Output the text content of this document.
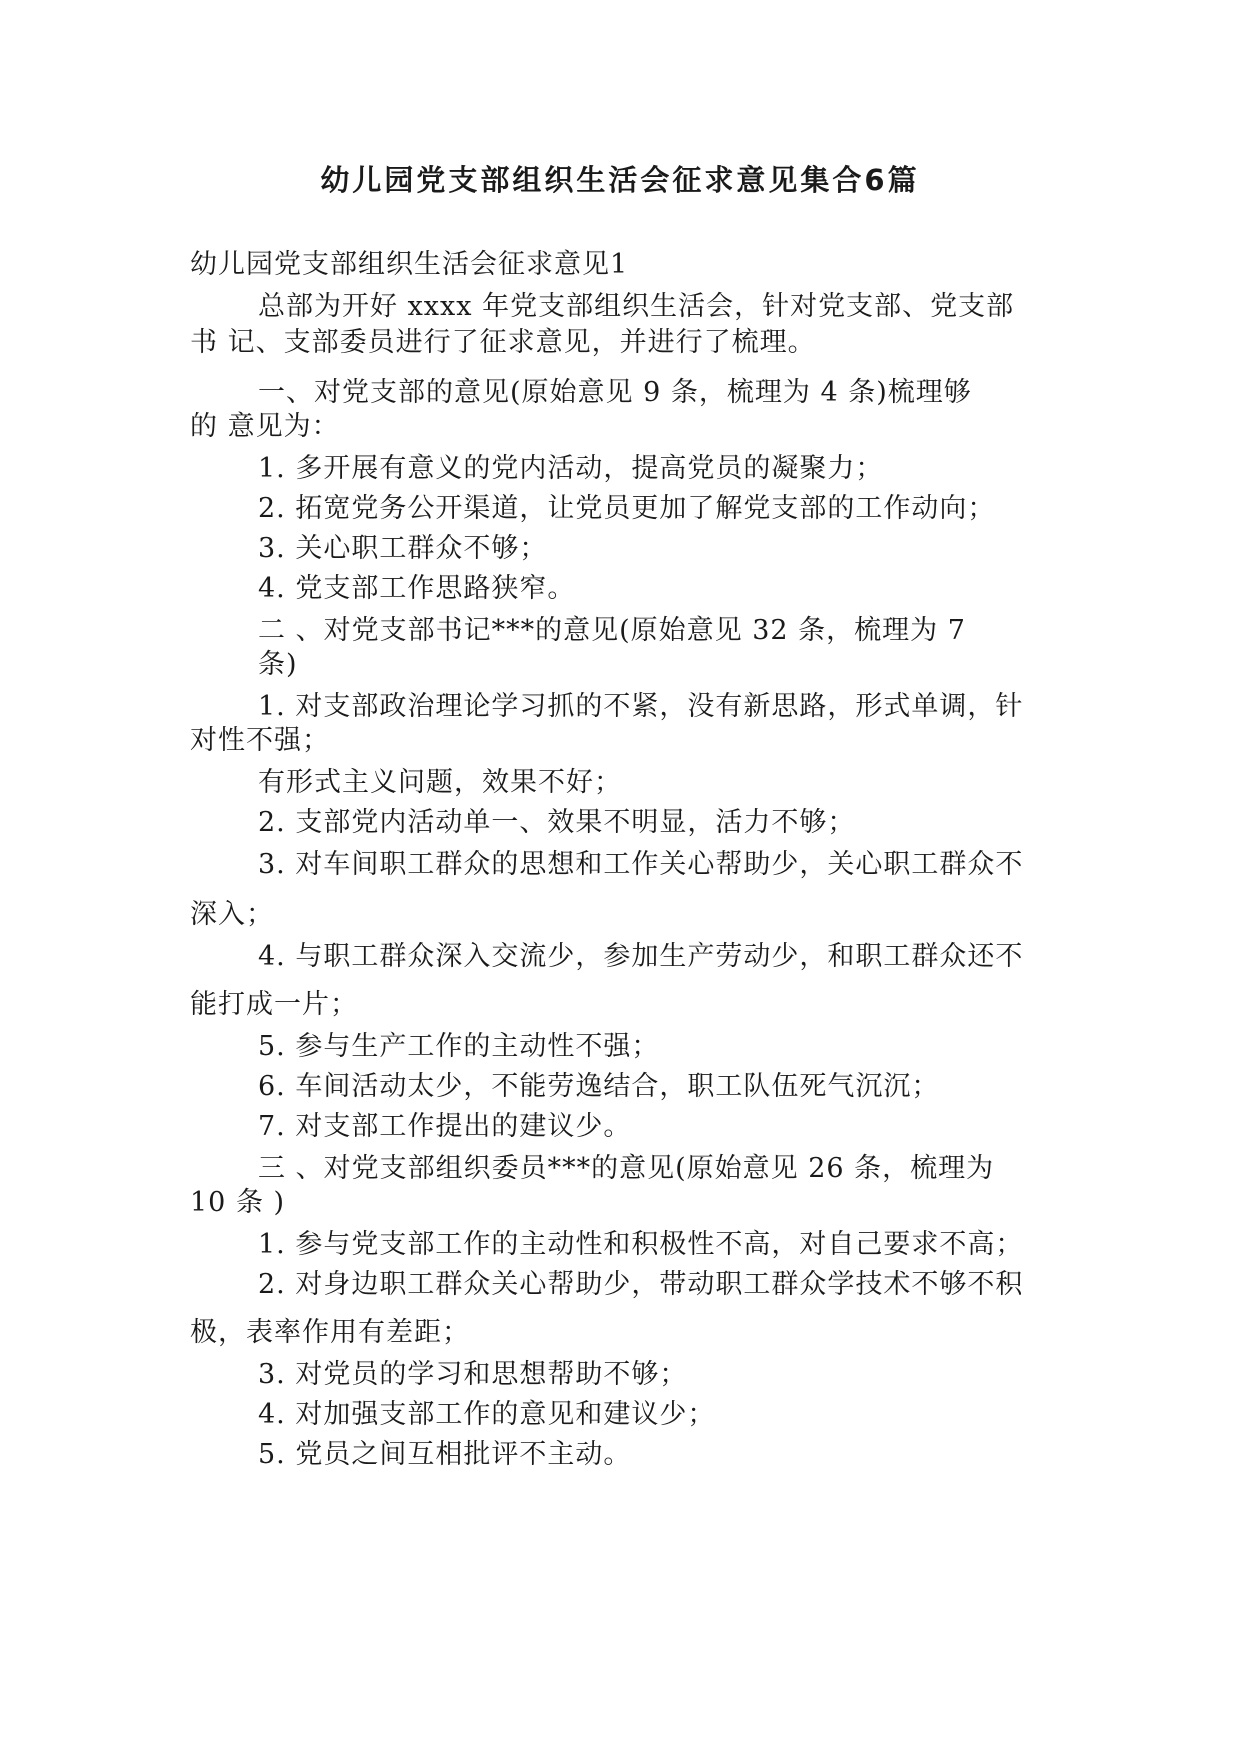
幼儿园党支部组织生活会征求意见集合6篇
幼儿园党支部组织生活会征求意见1
总部为开好 xxxx 年党支部组织生活会，针对党支部、党支部
书 记、支部委员进行了征求意见，并进行了梳理。
一、对党支部的意见(原始意见 9 条，梳理为 4 条)梳理够
的 意见为：
1. 多开展有意义的党内活动，提高党员的凝聚力；
2. 拓宽党务公开渠道，让党员更加了解党支部的工作动向；
3. 关心职工群众不够；
4. 党支部工作思路狭窄。
二 、对党支部书记***的意见(原始意见 32 条，梳理为 7
条)
1. 对支部政治理论学习抓的不紧，没有新思路，形式单调，针
对性不强；
有形式主义问题，效果不好；
2. 支部党内活动单一、效果不明显，活力不够；
3. 对车间职工群众的思想和工作关心帮助少，关心职工群众不
深入；
4. 与职工群众深入交流少，参加生产劳动少，和职工群众还不
能打成一片；
5. 参与生产工作的主动性不强；
6. 车间活动太少，不能劳逸结合，职工队伍死气沉沉；
7. 对支部工作提出的建议少。
三 、对党支部组织委员***的意见(原始意见 26 条，梳理为
10 条 )
1. 参与党支部工作的主动性和积极性不高，对自己要求不高；
2. 对身边职工群众关心帮助少，带动职工群众学技术不够不积
极，表率作用有差距；
3. 对党员的学习和思想帮助不够；
4. 对加强支部工作的意见和建议少；
5. 党员之间互相批评不主动。
